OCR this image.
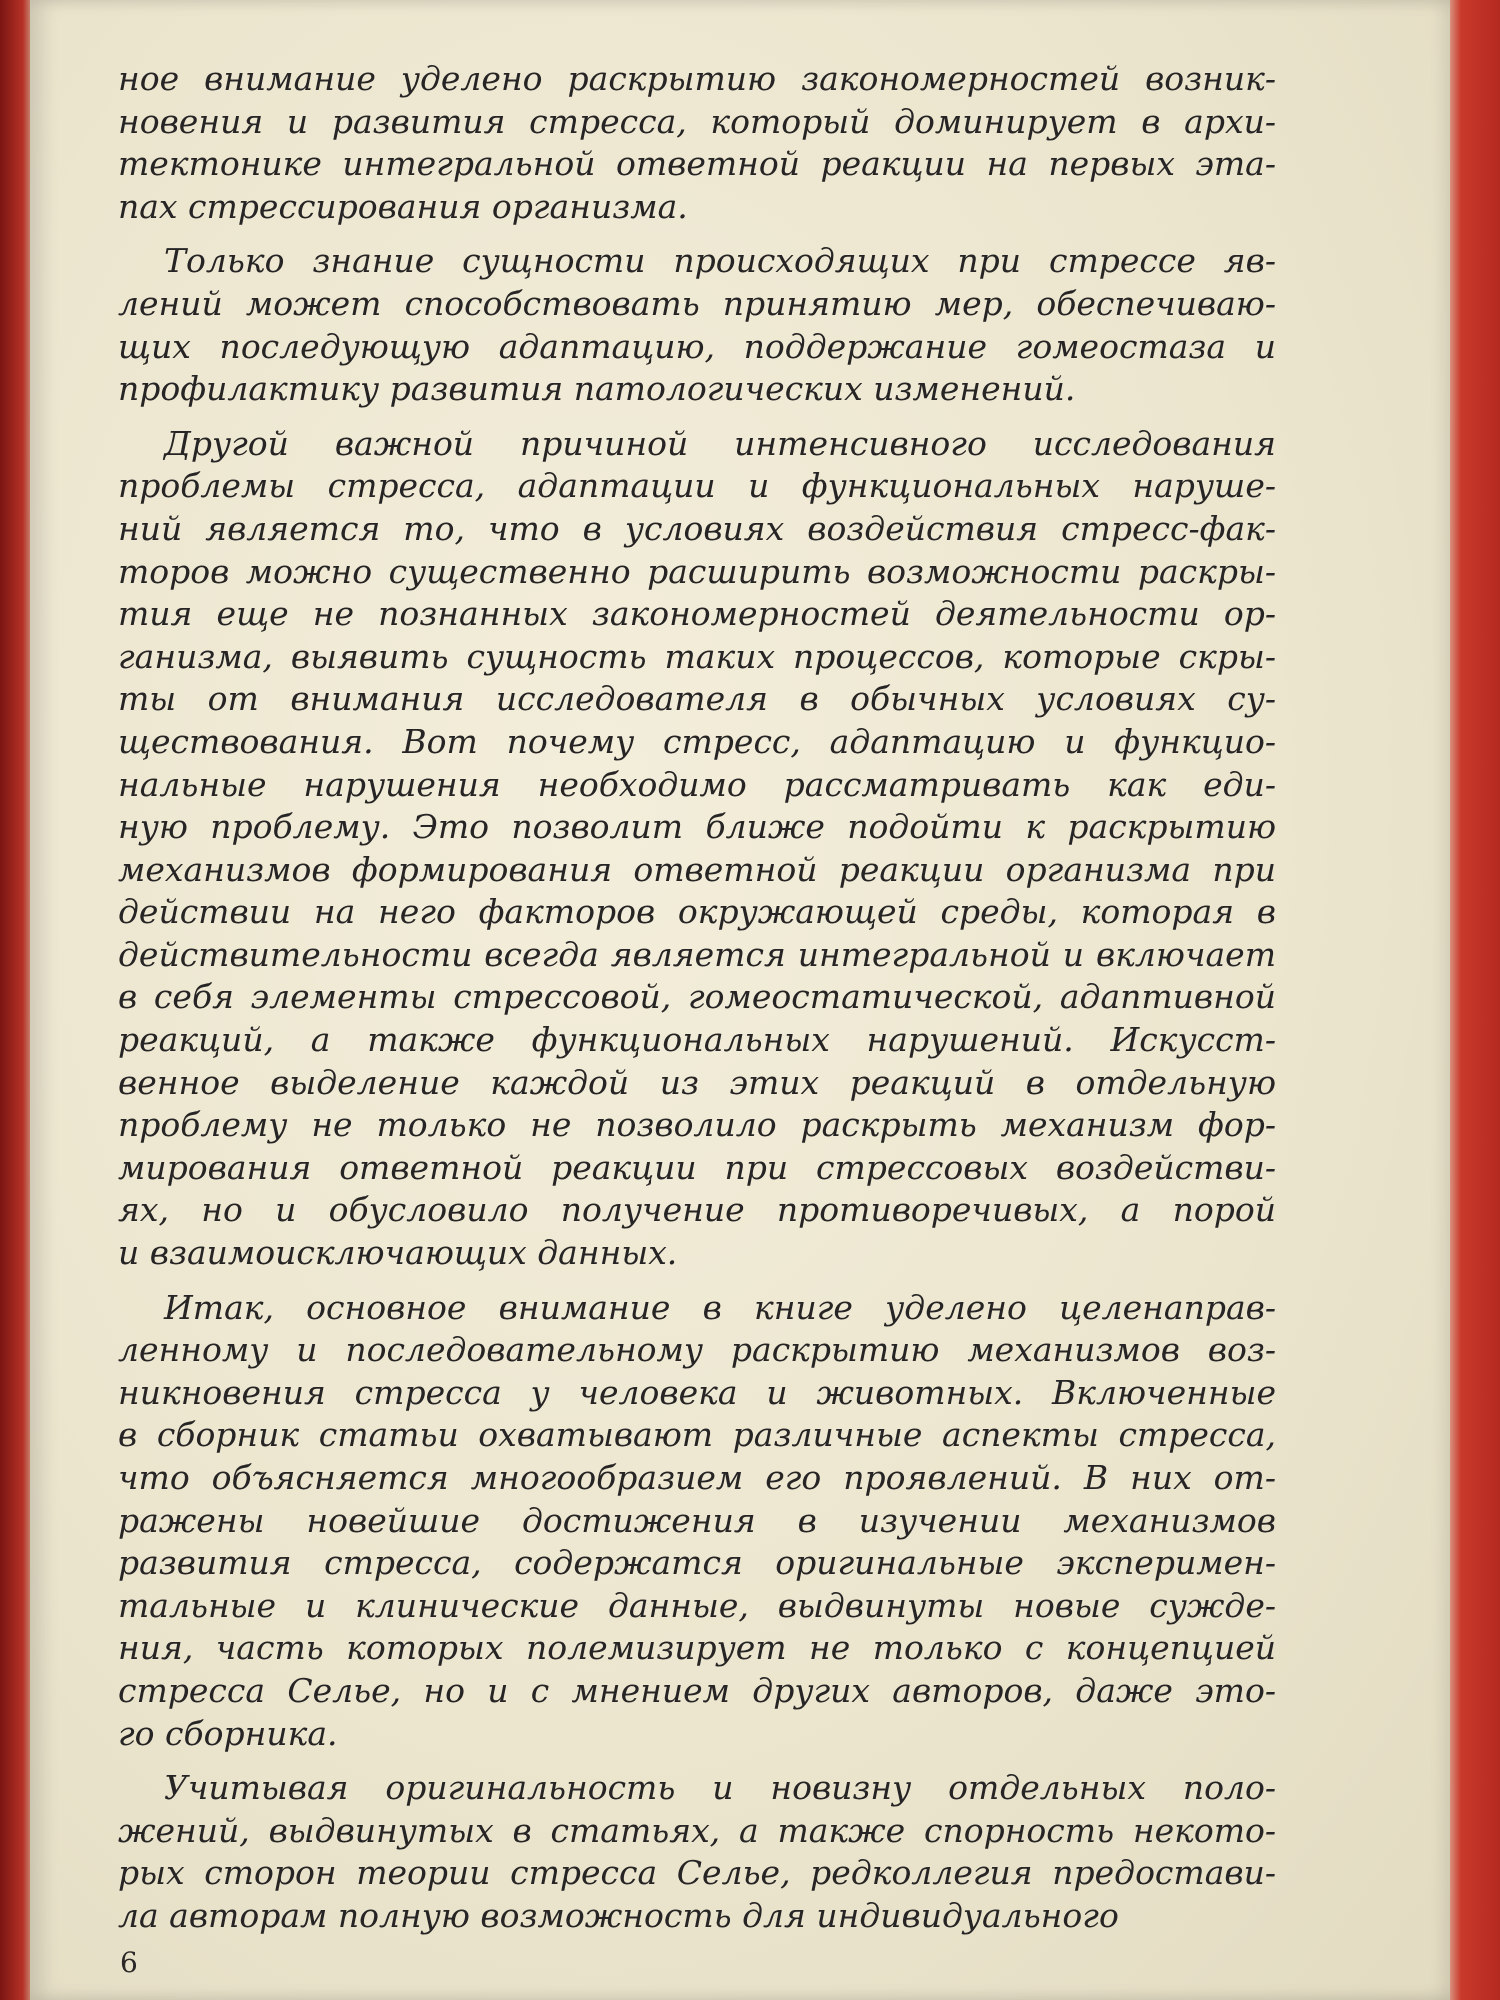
ное внимание уделено раскрытию закономерностей возник-
новения и развития стресса, который доминирует в архи-
тектонике интегральной ответной реакции на первых эта-
пах стрессирования организма.
Только знание сущности происходящих при стрессе яв-
лений может способствовать принятию мер, обеспечиваю-
щих последующую адаптацию, поддержание гомеостаза и
профилактику развития патологических изменений.
Другой важной причиной интенсивного исследования
проблемы стресса, адаптации и функциональных наруше-
ний является то, что в условиях воздействия стресс-фак-
торов можно существенно расширить возможности раскры-
тия еще не познанных закономерностей деятельности ор-
ганизма, выявить сущность таких процессов, которые скры-
ты от внимания исследователя в обычных условиях су-
ществования. Вот почему стресс, адаптацию и функцио-
нальные нарушения необходимо рассматривать как еди-
ную проблему. Это позволит ближе подойти к раскрытию
механизмов формирования ответной реакции организма при
действии на него факторов окружающей среды, которая в
действительности всегда является интегральной и включает
в себя элементы стрессовой, гомеостатической, адаптивной
реакций, а также функциональных нарушений. Искусст-
венное выделение каждой из этих реакций в отдельную
проблему не только не позволило раскрыть механизм фор-
мирования ответной реакции при стрессовых воздействи-
ях, но и обусловило получение противоречивых, а порой
и взаимоисключающих данных.
Итак, основное внимание в книге уделено целенаправ-
ленному и последовательному раскрытию механизмов воз-
никновения стресса у человека и животных. Включенные
в сборник статьи охватывают различные аспекты стресса,
что объясняется многообразием его проявлений. В них от-
ражены новейшие достижения в изучении механизмов
развития стресса, содержатся оригинальные эксперимен-
тальные и клинические данные, выдвинуты новые сужде-
ния, часть которых полемизирует не только с концепцией
стресса Селье, но и с мнением других авторов, даже это-
го сборника.
Учитывая оригинальность и новизну отдельных поло-
жений, выдвинутых в статьях, а также спорность некото-
рых сторон теории стресса Селье, редколлегия предостави-
ла авторам полную возможность для индивидуального
6
